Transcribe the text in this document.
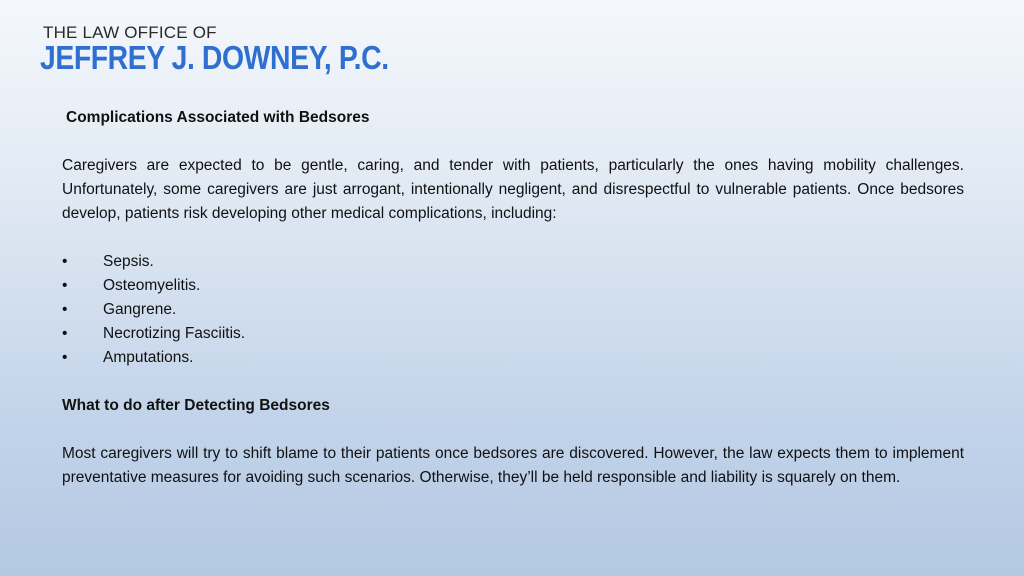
THE LAW OFFICE OF
JEFFREY J. DOWNEY, P.C.

Complications Associated with Bedsores

Caregivers are expected to be gentle, caring, and tender with patients, particularly the ones having mobility challenges. Unfortunately, some caregivers are just arrogant, intentionally negligent, and disrespectful to vulnerable patients. Once bedsores develop, patients risk developing other medical complications, including:

• Sepsis.
• Osteomyelitis.
• Gangrene.
• Necrotizing Fasciitis.
• Amputations.

What to do after Detecting Bedsores

Most caregivers will try to shift blame to their patients once bedsores are discovered. However, the law expects them to implement preventative measures for avoiding such scenarios. Otherwise, they’ll be held responsible and liability is squarely on them.
